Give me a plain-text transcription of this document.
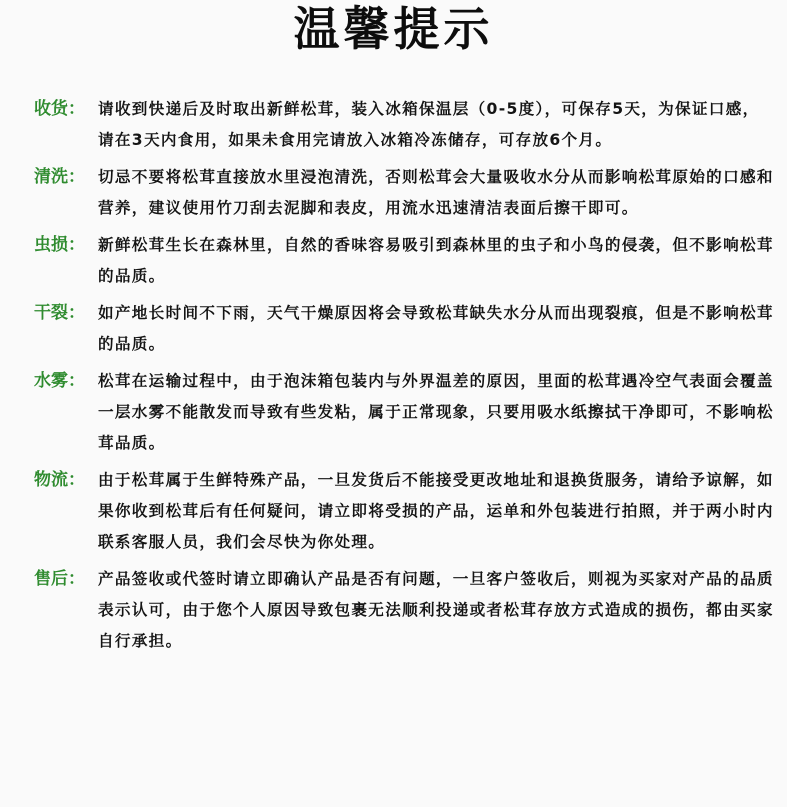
温馨提示
收货： 请收到快递后及时取出新鲜松茸，装入冰箱保温层（0-5度），可保存5天，为保证口感，请在3天内食用，如果未食用完请放入冰箱冷冻储存，可存放6个月。
清洗： 切忌不要将松茸直接放水里浸泡清洗，否则松茸会大量吸收水分从而影响松茸原始的口感和营养，建议使用竹刀刮去泥脚和表皮，用流水迅速清洁表面后擦干即可。
虫损： 新鲜松茸生长在森林里，自然的香味容易吸引到森林里的虫子和小鸟的侵袭，但不影响松茸的品质。
干裂： 如产地长时间不下雨，天气干燥原因将会导致松茸缺失水分从而出现裂痕，但是不影响松茸的品质。
水雾： 松茸在运输过程中，由于泡沫箱包装内与外界温差的原因，里面的松茸遇冷空气表面会覆盖一层水雾不能散发而导致有些发粘，属于正常现象，只要用吸水纸擦拭干净即可，不影响松茸品质。
物流： 由于松茸属于生鲜特殊产品，一旦发货后不能接受更改地址和退换货服务，请给予谅解，如果你收到松茸后有任何疑问，请立即将受损的产品，运单和外包装进行拍照，并于两小时内联系客服人员，我们会尽快为你处理。
售后： 产品签收或代签时请立即确认产品是否有问题，一旦客户签收后，则视为买家对产品的品质表示认可，由于您个人原因导致包裹无法顺利投递或者松茸存放方式造成的损伤，都由买家自行承担。
